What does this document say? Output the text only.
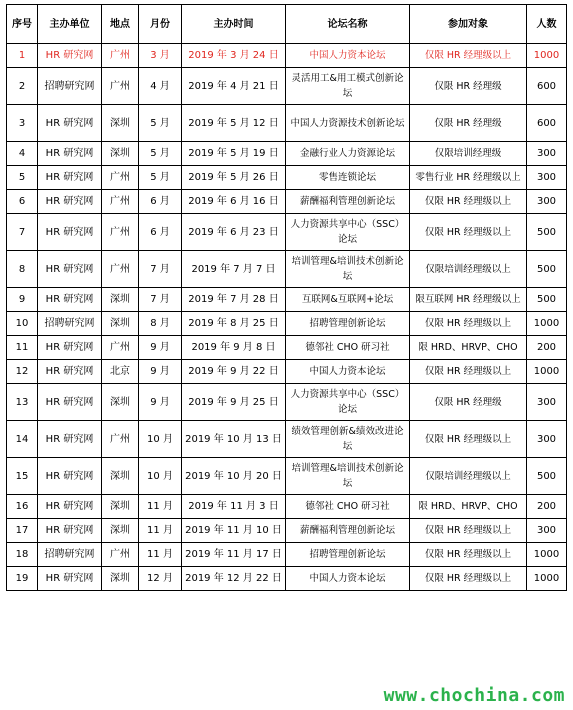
序号	主办单位	地点	月份	主办时间	论坛名称	参加对象	人数
1	HR 研究网	广州	3 月	2019 年 3 月 24 日	中国人力资本论坛	仅限 HR 经理级以上	1000
2	招聘研究网	广州	4 月	2019 年 4 月 21 日	灵活用工&用工模式创新论坛	仅限 HR 经理级	600
3	HR 研究网	深圳	5 月	2019 年 5 月 12 日	中国人力资源技术创新论坛	仅限 HR 经理级	600
4	HR 研究网	深圳	5 月	2019 年 5 月 19 日	金融行业人力资源论坛	仅限培训经理级	300
5	HR 研究网	广州	5 月	2019 年 5 月 26 日	零售连锁论坛	零售行业 HR 经理级以上	300
6	HR 研究网	广州	6 月	2019 年 6 月 16 日	薪酬福利管理创新论坛	仅限 HR 经理级以上	300
7	HR 研究网	广州	6 月	2019 年 6 月 23 日	人力资源共享中心（SSC）论坛	仅限 HR 经理级以上	500
8	HR 研究网	广州	7 月	2019 年 7 月 7 日	培训管理&培训技术创新论坛	仅限培训经理级以上	500
9	HR 研究网	深圳	7 月	2019 年 7 月 28 日	互联网&互联网+论坛	限互联网 HR 经理级以上	500
10	招聘研究网	深圳	8 月	2019 年 8 月 25 日	招聘管理创新论坛	仅限 HR 经理级以上	1000
11	HR 研究网	广州	9 月	2019 年 9 月 8 日	德邻社 CHO 研习社	限 HRD、HRVP、CHO	200
12	HR 研究网	北京	9 月	2019 年 9 月 22 日	中国人力资本论坛	仅限 HR 经理级以上	1000
13	HR 研究网	深圳	9 月	2019 年 9 月 25 日	人力资源共享中心（SSC）论坛	仅限 HR 经理级	300
14	HR 研究网	广州	10 月	2019 年 10 月 13 日	绩效管理创新&绩效改进论坛	仅限 HR 经理级以上	300
15	HR 研究网	深圳	10 月	2019 年 10 月 20 日	培训管理&培训技术创新论坛	仅限培训经理级以上	500
16	HR 研究网	深圳	11 月	2019 年 11 月 3 日	德邻社 CHO 研习社	限 HRD、HRVP、CHO	200
17	HR 研究网	深圳	11 月	2019 年 11 月 10 日	薪酬福利管理创新论坛	仅限 HR 经理级以上	300
18	招聘研究网	广州	11 月	2019 年 11 月 17 日	招聘管理创新论坛	仅限 HR 经理级以上	1000
19	HR 研究网	深圳	12 月	2019 年 12 月 22 日	中国人力资本论坛	仅限 HR 经理级以上	1000
www.chochina.com
